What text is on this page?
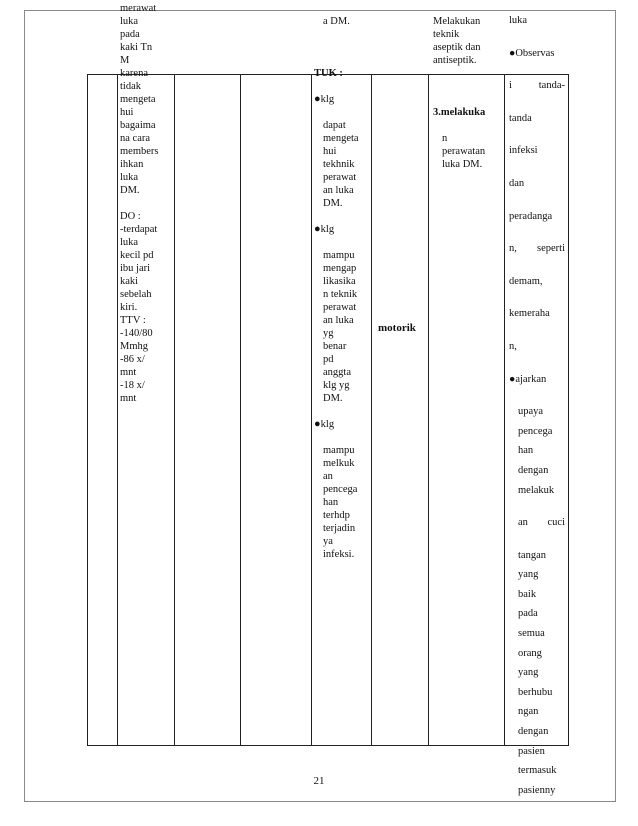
merawat
luka
pada
kaki Tn
M
karena
tidak
mengeta
hui
bagaima
na cara
members
ihkan
luka
DM.

DO :
-terdapat
luka
kecil pd
ibu jari
kaki
sebelah
kiri.
TTV :
-140/80
Mmhg
-86 x/
mnt
-18 x/
mnt

a DM.

TUK :

●klg

dapat
mengeta
hui
tekhnik
perawat
an luka
DM.

●klg

mampu
mengap
likasika
n teknik
perawat
an luka
yg
benar
pd
anggta
klg yg
DM.

●klg

mampu
melkuk
an
pencega
han
terhdp
terjadin
ya
infeksi.

motorik

Melakukan
teknik
aseptik dan
antiseptik.

3.melakuka

n
perawatan
luka DM.

luka

●Observas

i	tanda-

tanda

infeksi

dan

peradanga

n, seperti

demam,

kemeraha

n,

●ajarkan

upaya
pencega
han
dengan
melakuk

an cuci

tangan
yang
baik
pada
semua
orang
yang
berhubu
ngan
dengan
pasien
termasuk
pasienny

21
